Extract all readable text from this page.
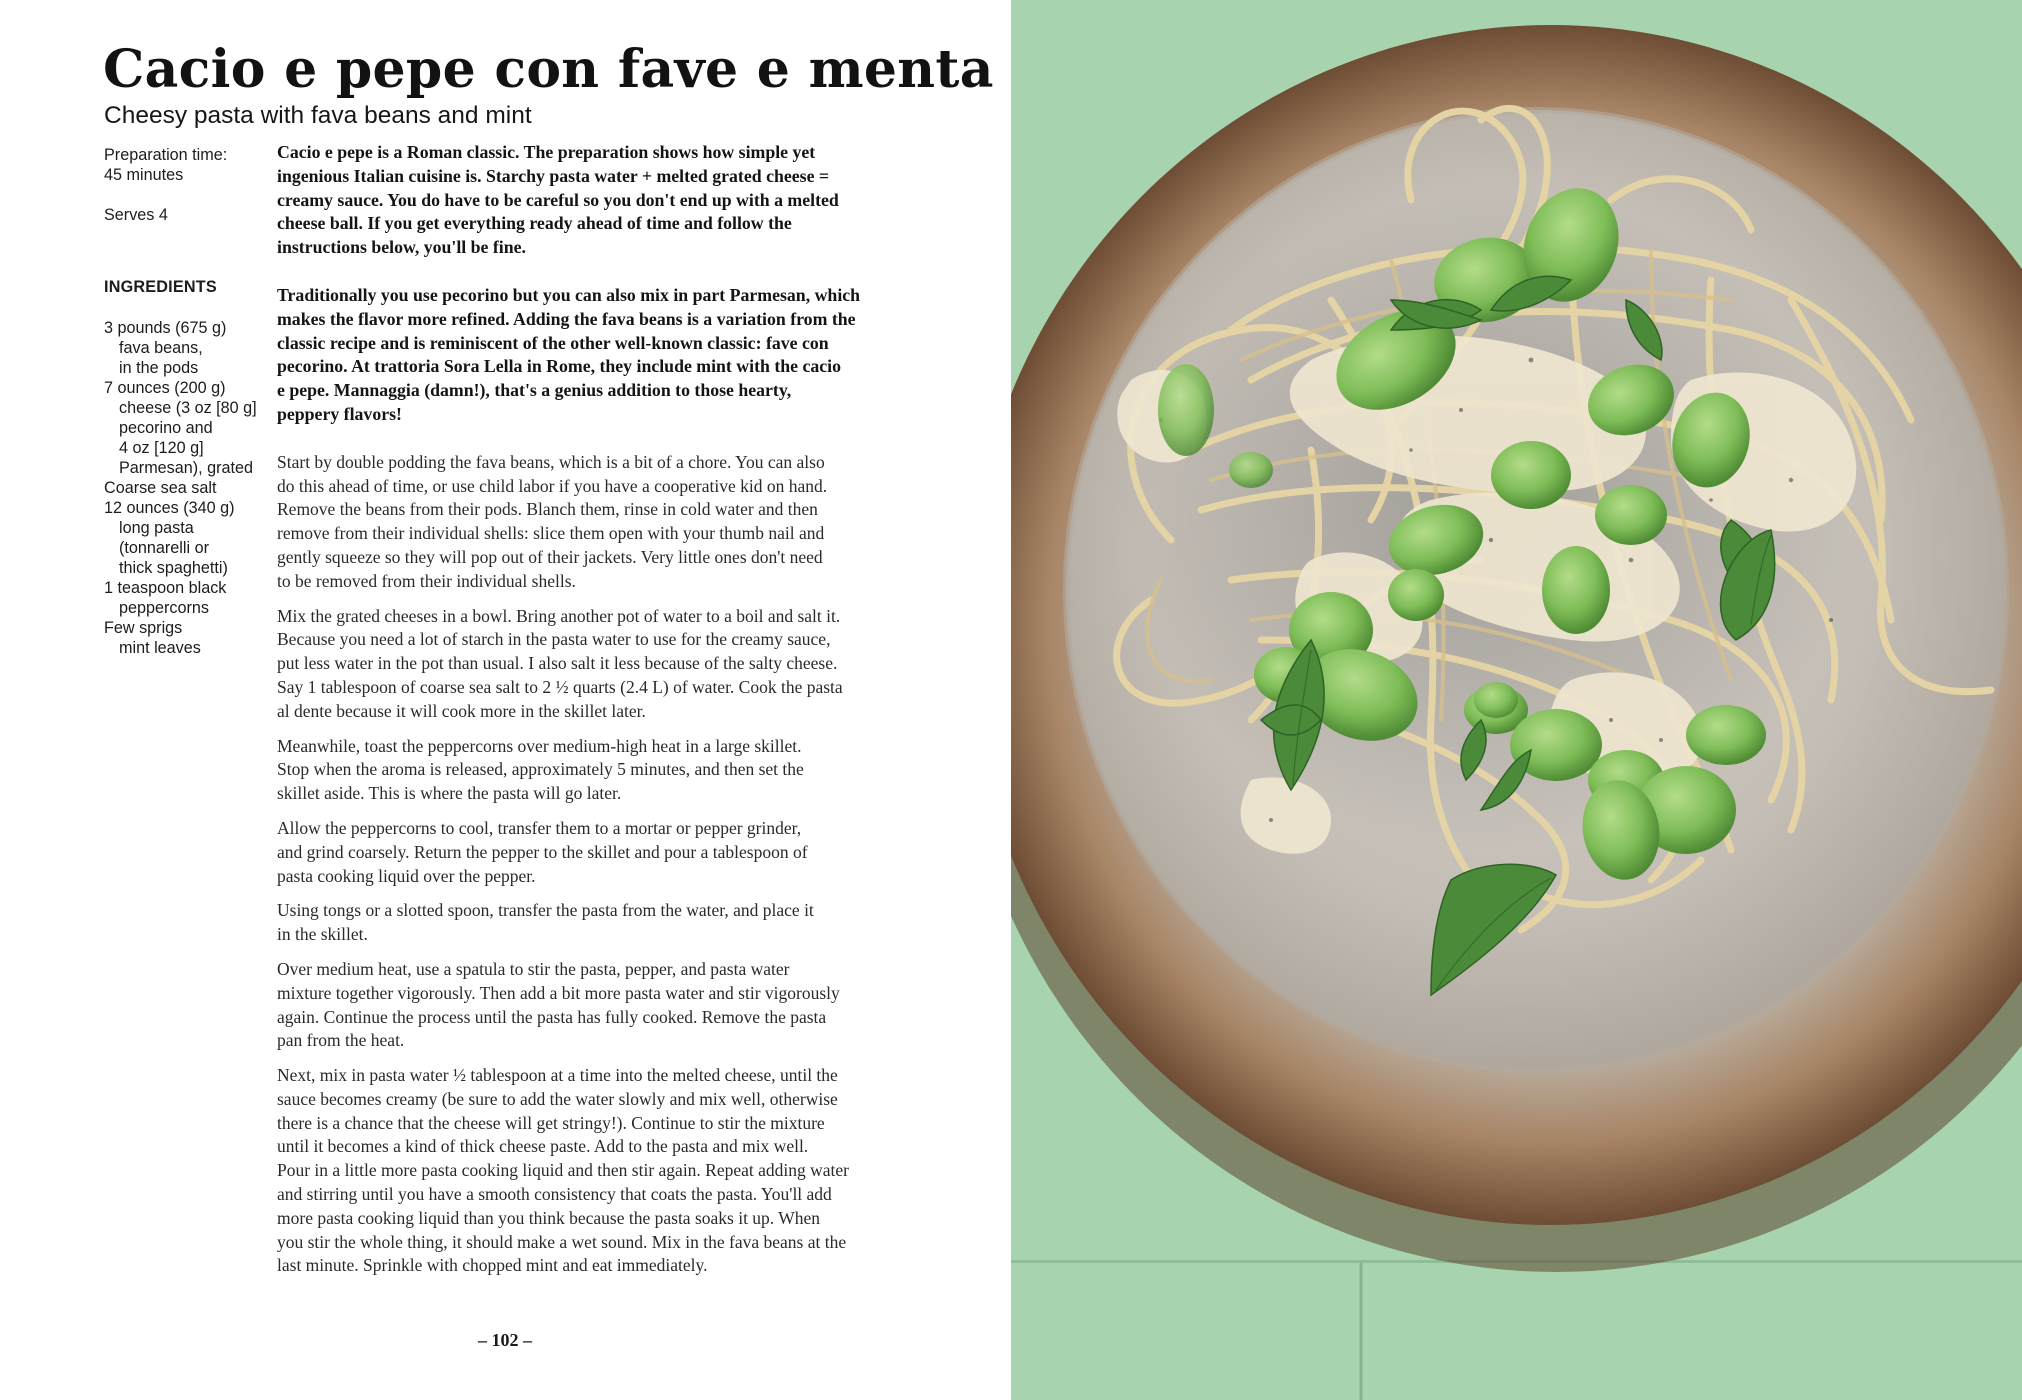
Cacio e pepe con fave e menta
Cheesy pasta with fava beans and mint
Preparation time:
45 minutes
Serves 4
INGREDIENTS
3 pounds (675 g)
fava beans,
in the pods
7 ounces (200 g)
cheese (3 oz [80 g]
pecorino and
4 oz [120 g]
Parmesan), grated
Coarse sea salt
12 ounces (340 g)
long pasta
(tonnarelli or
thick spaghetti)
1 teaspoon black
peppercorns
Few sprigs
mint leaves

Cacio e pepe is a Roman classic. The preparation shows how simple yet
ingenious Italian cuisine is. Starchy pasta water + melted grated cheese =
creamy sauce. You do have to be careful so you don't end up with a melted
cheese ball. If you get everything ready ahead of time and follow the
instructions below, you'll be fine.

Traditionally you use pecorino but you can also mix in part Parmesan, which
makes the flavor more refined. Adding the fava beans is a variation from the
classic recipe and is reminiscent of the other well-known classic: fave con
pecorino. At trattoria Sora Lella in Rome, they include mint with the cacio
e pepe. Mannaggia (damn!), that's a genius addition to those hearty,
peppery flavors!

Start by double podding the fava beans, which is a bit of a chore. You can also
do this ahead of time, or use child labor if you have a cooperative kid on hand.
Remove the beans from their pods. Blanch them, rinse in cold water and then
remove from their individual shells: slice them open with your thumb nail and
gently squeeze so they will pop out of their jackets. Very little ones don't need
to be removed from their individual shells.

Mix the grated cheeses in a bowl. Bring another pot of water to a boil and salt it.
Because you need a lot of starch in the pasta water to use for the creamy sauce,
put less water in the pot than usual. I also salt it less because of the salty cheese.
Say 1 tablespoon of coarse sea salt to 2 ½ quarts (2.4 L) of water. Cook the pasta
al dente because it will cook more in the skillet later.

Meanwhile, toast the peppercorns over medium-high heat in a large skillet.
Stop when the aroma is released, approximately 5 minutes, and then set the
skillet aside. This is where the pasta will go later.

Allow the peppercorns to cool, transfer them to a mortar or pepper grinder,
and grind coarsely. Return the pepper to the skillet and pour a tablespoon of
pasta cooking liquid over the pepper.

Using tongs or a slotted spoon, transfer the pasta from the water, and place it
in the skillet.

Over medium heat, use a spatula to stir the pasta, pepper, and pasta water
mixture together vigorously. Then add a bit more pasta water and stir vigorously
again. Continue the process until the pasta has fully cooked. Remove the pasta
pan from the heat.

Next, mix in pasta water ½ tablespoon at a time into the melted cheese, until the
sauce becomes creamy (be sure to add the water slowly and mix well, otherwise
there is a chance that the cheese will get stringy!). Continue to stir the mixture
until it becomes a kind of thick cheese paste. Add to the pasta and mix well.
Pour in a little more pasta cooking liquid and then stir again. Repeat adding water
and stirring until you have a smooth consistency that coats the pasta. You'll add
more pasta cooking liquid than you think because the pasta soaks it up. When
you stir the whole thing, it should make a wet sound. Mix in the fava beans at the
last minute. Sprinkle with chopped mint and eat immediately.

– 102 –
